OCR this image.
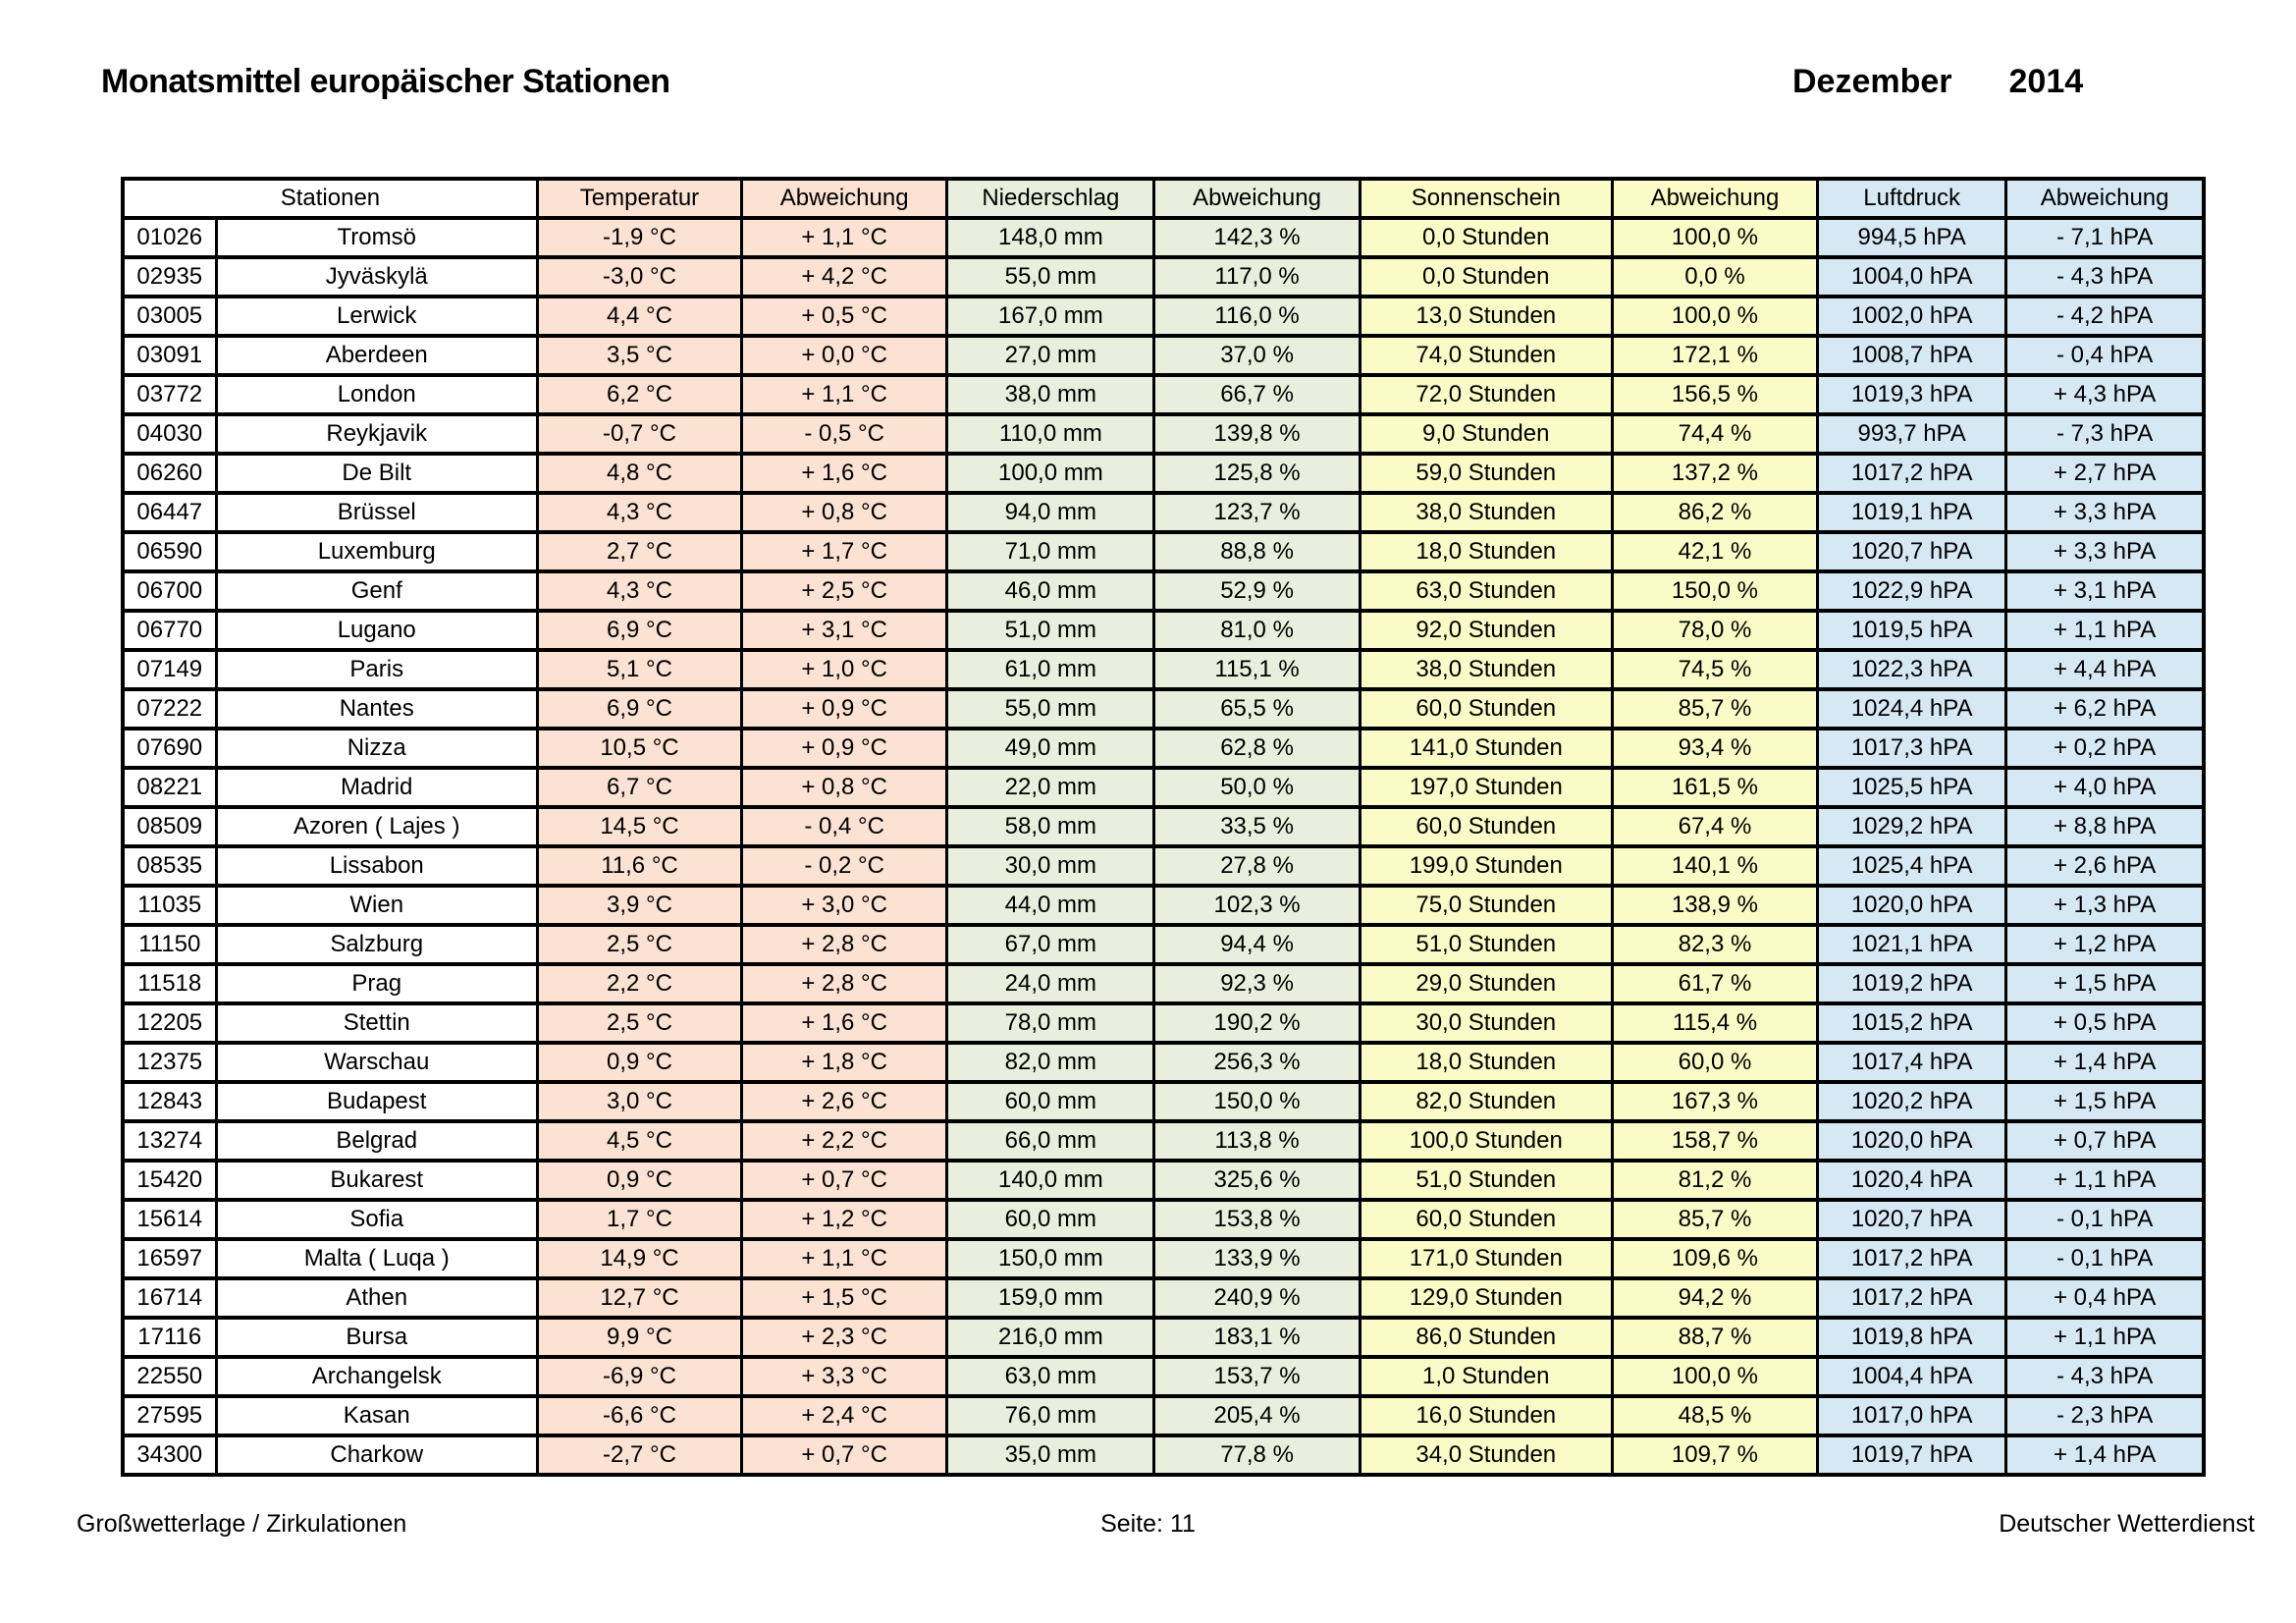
Monatsmittel europäischer Stationen	Dezember 2014
Stationen		Temperatur	Abweichung	Niederschlag	Abweichung	Sonnenschein	Abweichung	Luftdruck	Abweichung
01026	Tromsö	-1,9 °C	+ 1,1 °C	148,0 mm	142,3 %	0,0 Stunden	100,0 %	994,5 hPA	- 7,1 hPA
02935	Jyväskylä	-3,0 °C	+ 4,2 °C	55,0 mm	117,0 %	0,0 Stunden	0,0 %	1004,0 hPA	- 4,3 hPA
03005	Lerwick	4,4 °C	+ 0,5 °C	167,0 mm	116,0 %	13,0 Stunden	100,0 %	1002,0 hPA	- 4,2 hPA
03091	Aberdeen	3,5 °C	+ 0,0 °C	27,0 mm	37,0 %	74,0 Stunden	172,1 %	1008,7 hPA	- 0,4 hPA
03772	London	6,2 °C	+ 1,1 °C	38,0 mm	66,7 %	72,0 Stunden	156,5 %	1019,3 hPA	+ 4,3 hPA
04030	Reykjavik	-0,7 °C	- 0,5 °C	110,0 mm	139,8 %	9,0 Stunden	74,4 %	993,7 hPA	- 7,3 hPA
06260	De Bilt	4,8 °C	+ 1,6 °C	100,0 mm	125,8 %	59,0 Stunden	137,2 %	1017,2 hPA	+ 2,7 hPA
06447	Brüssel	4,3 °C	+ 0,8 °C	94,0 mm	123,7 %	38,0 Stunden	86,2 %	1019,1 hPA	+ 3,3 hPA
06590	Luxemburg	2,7 °C	+ 1,7 °C	71,0 mm	88,8 %	18,0 Stunden	42,1 %	1020,7 hPA	+ 3,3 hPA
06700	Genf	4,3 °C	+ 2,5 °C	46,0 mm	52,9 %	63,0 Stunden	150,0 %	1022,9 hPA	+ 3,1 hPA
06770	Lugano	6,9 °C	+ 3,1 °C	51,0 mm	81,0 %	92,0 Stunden	78,0 %	1019,5 hPA	+ 1,1 hPA
07149	Paris	5,1 °C	+ 1,0 °C	61,0 mm	115,1 %	38,0 Stunden	74,5 %	1022,3 hPA	+ 4,4 hPA
07222	Nantes	6,9 °C	+ 0,9 °C	55,0 mm	65,5 %	60,0 Stunden	85,7 %	1024,4 hPA	+ 6,2 hPA
07690	Nizza	10,5 °C	+ 0,9 °C	49,0 mm	62,8 %	141,0 Stunden	93,4 %	1017,3 hPA	+ 0,2 hPA
08221	Madrid	6,7 °C	+ 0,8 °C	22,0 mm	50,0 %	197,0 Stunden	161,5 %	1025,5 hPA	+ 4,0 hPA
08509	Azoren ( Lajes )	14,5 °C	- 0,4 °C	58,0 mm	33,5 %	60,0 Stunden	67,4 %	1029,2 hPA	+ 8,8 hPA
08535	Lissabon	11,6 °C	- 0,2 °C	30,0 mm	27,8 %	199,0 Stunden	140,1 %	1025,4 hPA	+ 2,6 hPA
11035	Wien	3,9 °C	+ 3,0 °C	44,0 mm	102,3 %	75,0 Stunden	138,9 %	1020,0 hPA	+ 1,3 hPA
11150	Salzburg	2,5 °C	+ 2,8 °C	67,0 mm	94,4 %	51,0 Stunden	82,3 %	1021,1 hPA	+ 1,2 hPA
11518	Prag	2,2 °C	+ 2,8 °C	24,0 mm	92,3 %	29,0 Stunden	61,7 %	1019,2 hPA	+ 1,5 hPA
12205	Stettin	2,5 °C	+ 1,6 °C	78,0 mm	190,2 %	30,0 Stunden	115,4 %	1015,2 hPA	+ 0,5 hPA
12375	Warschau	0,9 °C	+ 1,8 °C	82,0 mm	256,3 %	18,0 Stunden	60,0 %	1017,4 hPA	+ 1,4 hPA
12843	Budapest	3,0 °C	+ 2,6 °C	60,0 mm	150,0 %	82,0 Stunden	167,3 %	1020,2 hPA	+ 1,5 hPA
13274	Belgrad	4,5 °C	+ 2,2 °C	66,0 mm	113,8 %	100,0 Stunden	158,7 %	1020,0 hPA	+ 0,7 hPA
15420	Bukarest	0,9 °C	+ 0,7 °C	140,0 mm	325,6 %	51,0 Stunden	81,2 %	1020,4 hPA	+ 1,1 hPA
15614	Sofia	1,7 °C	+ 1,2 °C	60,0 mm	153,8 %	60,0 Stunden	85,7 %	1020,7 hPA	- 0,1 hPA
16597	Malta ( Luqa )	14,9 °C	+ 1,1 °C	150,0 mm	133,9 %	171,0 Stunden	109,6 %	1017,2 hPA	- 0,1 hPA
16714	Athen	12,7 °C	+ 1,5 °C	159,0 mm	240,9 %	129,0 Stunden	94,2 %	1017,2 hPA	+ 0,4 hPA
17116	Bursa	9,9 °C	+ 2,3 °C	216,0 mm	183,1 %	86,0 Stunden	88,7 %	1019,8 hPA	+ 1,1 hPA
22550	Archangelsk	-6,9 °C	+ 3,3 °C	63,0 mm	153,7 %	1,0 Stunden	100,0 %	1004,4 hPA	- 4,3 hPA
27595	Kasan	-6,6 °C	+ 2,4 °C	76,0 mm	205,4 %	16,0 Stunden	48,5 %	1017,0 hPA	- 2,3 hPA
34300	Charkow	-2,7 °C	+ 0,7 °C	35,0 mm	77,8 %	34,0 Stunden	109,7 %	1019,7 hPA	+ 1,4 hPA
Großwetterlage / Zirkulationen	Seite: 11	Deutscher Wetterdienst
